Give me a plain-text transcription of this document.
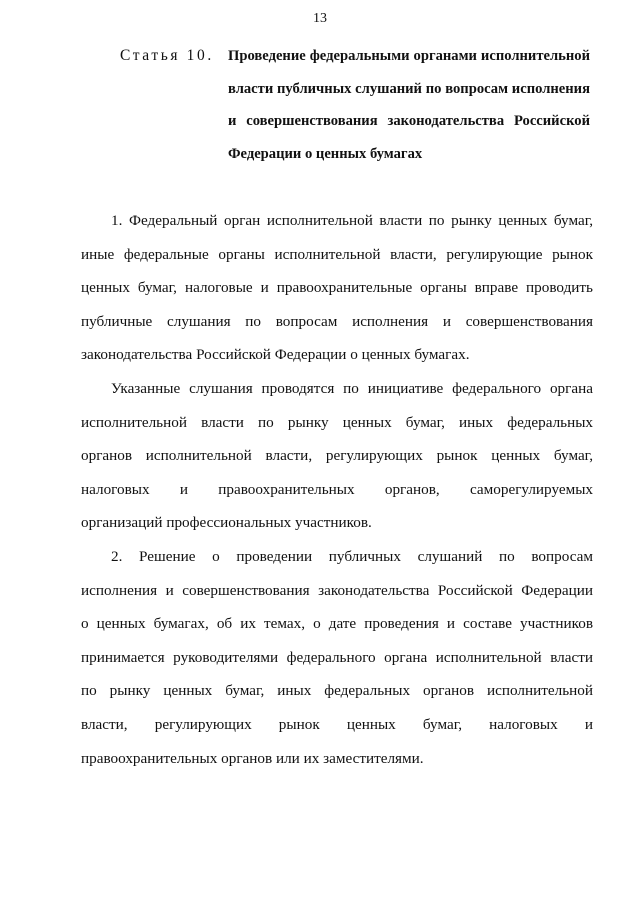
13
Статья 10. Проведение федеральными органами исполнительной
власти публичных слушаний по вопросам исполнения
и совершенствования законодательства Российской
Федерации о ценных бумагах
1. Федеральный орган исполнительной власти по рынку ценных бумаг,
иные федеральные органы исполнительной власти, регулирующие рынок
ценных бумаг, налоговые и правоохранительные органы вправе проводить
публичные слушания по вопросам исполнения и совершенствования
законодательства Российской Федерации о ценных бумагах.
Указанные слушания проводятся по инициативе федерального органа
исполнительной власти по рынку ценных бумаг, иных федеральных
органов исполнительной власти, регулирующих рынок ценных бумаг,
налоговых и правоохранительных органов, саморегулируемых
организаций профессиональных участников.
2. Решение о проведении публичных слушаний по вопросам
исполнения и совершенствования законодательства Российской Федерации
о ценных бумагах, об их темах, о дате проведения и составе участников
принимается руководителями федерального органа исполнительной власти
по рынку ценных бумаг, иных федеральных органов исполнительной
власти, регулирующих рынок ценных бумаг, налоговых и
правоохранительных органов или их заместителями.
